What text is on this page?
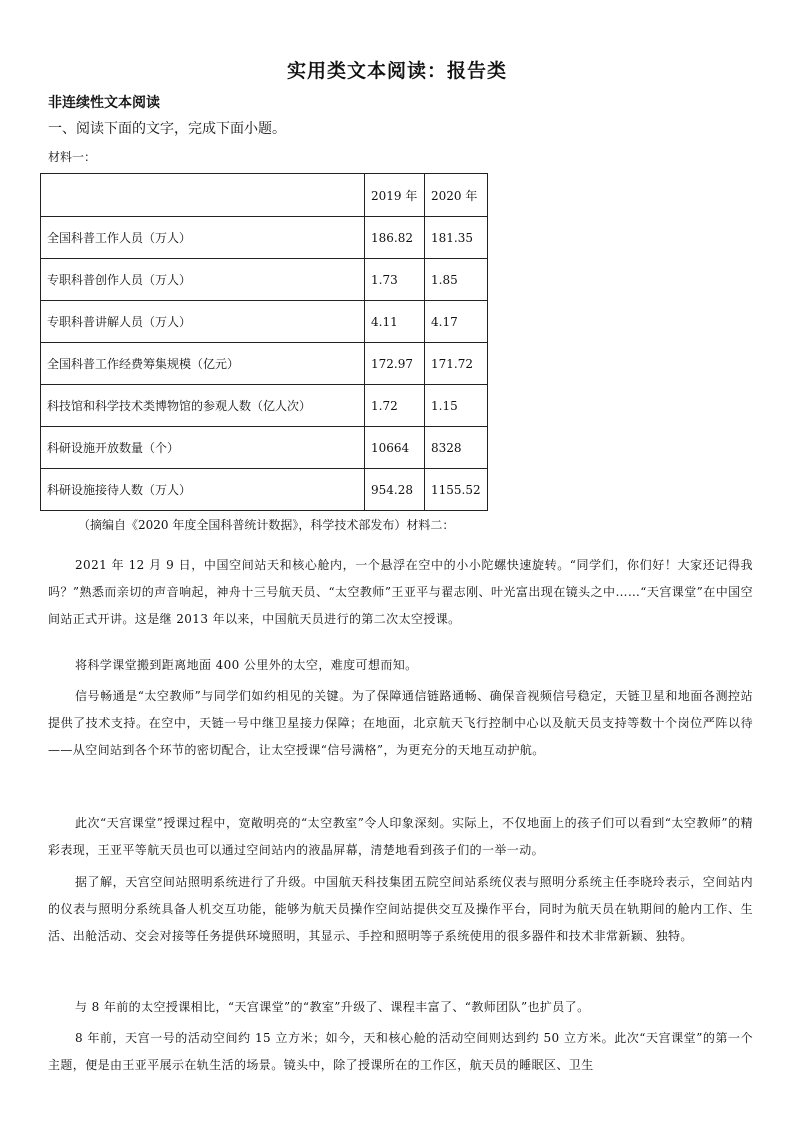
实用类文本阅读：报告类
非连续性文本阅读
一、阅读下面的文字，完成下面小题。
材料一：
	2019 年	2020 年
全国科普工作人员（万人）	186.82	181.35
专职科普创作人员（万人）	1.73	1.85
专职科普讲解人员（万人）	4.11	4.17
全国科普工作经费筹集规模（亿元）	172.97	171.72
科技馆和科学技术类博物馆的参观人数（亿人次）	1.72	1.15
科研设施开放数量（个）	10664	8328
科研设施接待人数（万人）	954.28	1155.52
（摘编自《2020 年度全国科普统计数据》，科学技术部发布）材料二：

2021 年 12 月 9 日，中国空间站天和核心舱内，一个悬浮在空中的小小陀螺快速旋转。“同学们，你们好！大家还记得我吗？”熟悉而亲切的声音响起，神舟十三号航天员、“太空教师”王亚平与翟志刚、叶光富出现在镜头之中……“天宫课堂”在中国空间站正式开讲。这是继 2013 年以来，中国航天员进行的第二次太空授课。

将科学课堂搬到距离地面 400 公里外的太空，难度可想而知。

信号畅通是“太空教师”与同学们如约相见的关键。为了保障通信链路通畅、确保音视频信号稳定，天链卫星和地面各测控站提供了技术支持。在空中，天链一号中继卫星接力保障；在地面，北京航天飞行控制中心以及航天员支持等数十个岗位严阵以待——从空间站到各个环节的密切配合，让太空授课“信号满格”，为更充分的天地互动护航。

此次“天宫课堂”授课过程中，宽敞明亮的“太空教室”令人印象深刻。实际上，不仅地面上的孩子们可以看到“太空教师”的精彩表现，王亚平等航天员也可以通过空间站内的液晶屏幕，清楚地看到孩子们的一举一动。

据了解，天宫空间站照明系统进行了升级。中国航天科技集团五院空间站系统仪表与照明分系统主任李晓玲表示，空间站内的仪表与照明分系统具备人机交互功能，能够为航天员操作空间站提供交互及操作平台，同时为航天员在轨期间的舱内工作、生活、出舱活动、交会对接等任务提供环境照明，其显示、手控和照明等子系统使用的很多器件和技术非常新颖、独特。

与 8 年前的太空授课相比，“天宫课堂”的“教室”升级了、课程丰富了、“教师团队”也扩员了。

8 年前，天宫一号的活动空间约 15 立方米；如今，天和核心舱的活动空间则达到约 50 立方米。此次“天宫课堂”的第一个主题，便是由王亚平展示在轨生活的场景。镜头中，除了授课所在的工作区，航天员的睡眠区、卫生
